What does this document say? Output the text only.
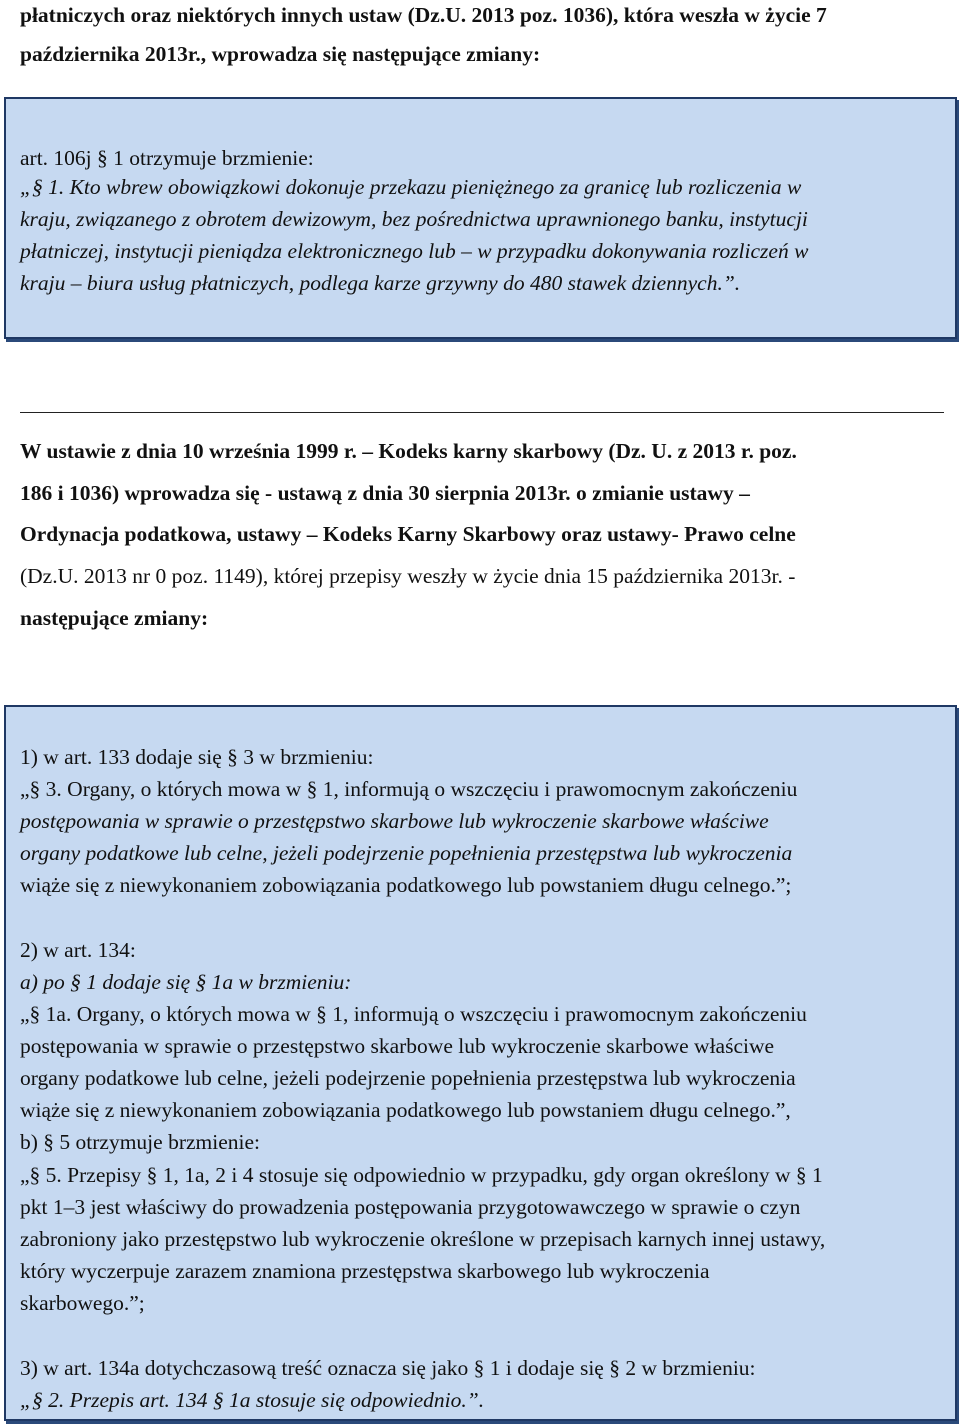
płatniczych oraz niektórych innych ustaw (Dz.U. 2013 poz. 1036), która weszła w życie 7
października 2013r., wprowadza się następujące zmiany:
art. 106j § 1 otrzymuje brzmienie:
„§ 1. Kto wbrew obowiązkowi dokonuje przekazu pieniężnego za granicę lub rozliczenia w
kraju, związanego z obrotem dewizowym, bez pośrednictwa uprawnionego banku, instytucji
płatniczej, instytucji pieniądza elektronicznego lub – w przypadku dokonywania rozliczeń w
kraju – biura usług płatniczych, podlega karze grzywny do 480 stawek dziennych.”.
W ustawie z dnia 10 września 1999 r. – Kodeks karny skarbowy (Dz. U. z 2013 r. poz.
186 i 1036) wprowadza się - ustawą z dnia 30 sierpnia 2013r. o zmianie ustawy –
Ordynacja podatkowa, ustawy – Kodeks Karny Skarbowy oraz ustawy- Prawo celne
(Dz.U. 2013 nr 0 poz. 1149), której przepisy weszły w życie dnia 15 października 2013r. -
następujące zmiany:
1) w art. 133 dodaje się § 3 w brzmieniu:
„§ 3. Organy, o których mowa w § 1, informują o wszczęciu i prawomocnym zakończeniu
postępowania w sprawie o przestępstwo skarbowe lub wykroczenie skarbowe właściwe
organy podatkowe lub celne, jeżeli podejrzenie popełnienia przestępstwa lub wykroczenia
wiąże się z niewykonaniem zobowiązania podatkowego lub powstaniem długu celnego.”;
2) w art. 134:
a) po § 1 dodaje się § 1a w brzmieniu:
„§ 1a. Organy, o których mowa w § 1, informują o wszczęciu i prawomocnym zakończeniu
postępowania w sprawie o przestępstwo skarbowe lub wykroczenie skarbowe właściwe
organy podatkowe lub celne, jeżeli podejrzenie popełnienia przestępstwa lub wykroczenia
wiąże się z niewykonaniem zobowiązania podatkowego lub powstaniem długu celnego.”,
b) § 5 otrzymuje brzmienie:
„§ 5. Przepisy § 1, 1a, 2 i 4 stosuje się odpowiednio w przypadku, gdy organ określony w § 1
pkt 1–3 jest właściwy do prowadzenia postępowania przygotowawczego w sprawie o czyn
zabroniony jako przestępstwo lub wykroczenie określone w przepisach karnych innej ustawy,
który wyczerpuje zarazem znamiona przestępstwa skarbowego lub wykroczenia
skarbowego.”;
3) w art. 134a dotychczasową treść oznacza się jako § 1 i dodaje się § 2 w brzmieniu:
„§ 2. Przepis art. 134 § 1a stosuje się odpowiednio.”.
